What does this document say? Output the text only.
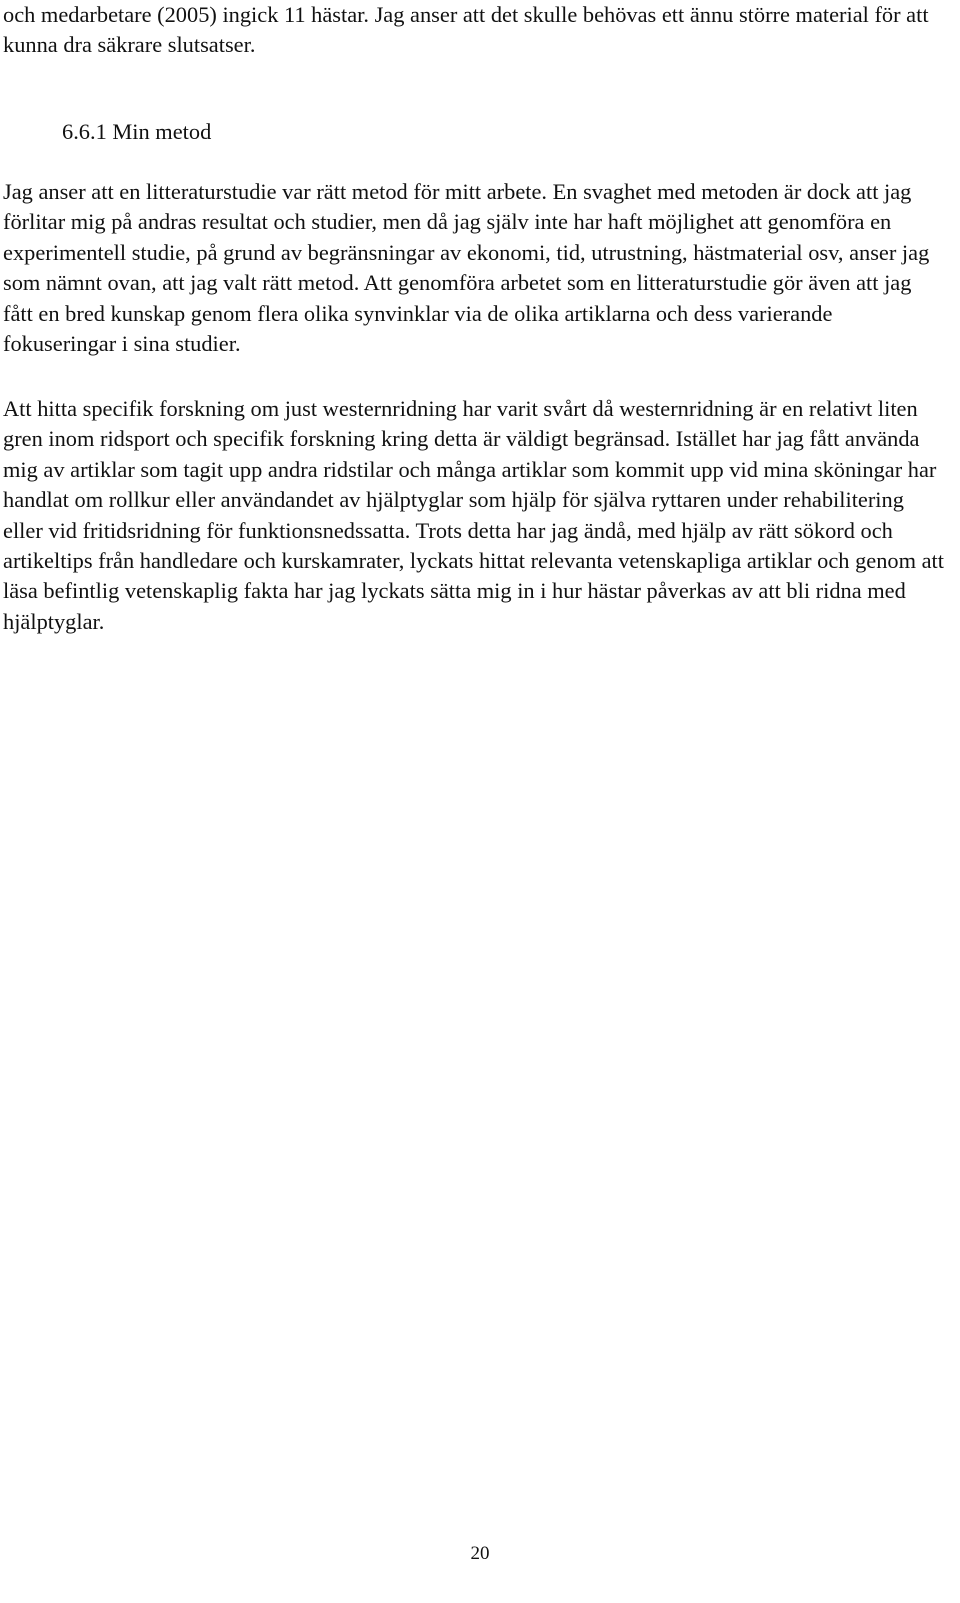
och medarbetare (2005) ingick 11 hästar. Jag anser att det skulle behövas ett ännu större material för att kunna dra säkrare slutsatser.

6.6.1 Min metod

Jag anser att en litteraturstudie var rätt metod för mitt arbete. En svaghet med metoden är dock att jag förlitar mig på andras resultat och studier, men då jag själv inte har haft möjlighet att genomföra en experimentell studie, på grund av begränsningar av ekonomi, tid, utrustning, hästmaterial osv, anser jag som nämnt ovan, att jag valt rätt metod. Att genomföra arbetet som en litteraturstudie gör även att jag fått en bred kunskap genom flera olika synvinklar via de olika artiklarna och dess varierande fokuseringar i sina studier.

Att hitta specifik forskning om just westernridning har varit svårt då westernridning är en relativt liten gren inom ridsport och specifik forskning kring detta är väldigt begränsad. Istället har jag fått använda mig av artiklar som tagit upp andra ridstilar och många artiklar som kommit upp vid mina sköningar har handlat om rollkur eller användandet av hjälptyglar som hjälp för själva ryttaren under rehabilitering eller vid fritidsridning för funktionsnedssatta. Trots detta har jag ändå, med hjälp av rätt sökord och artikeltips från handledare och kurskamrater, lyckats hittat relevanta vetenskapliga artiklar och genom att läsa befintlig vetenskaplig fakta har jag lyckats sätta mig in i hur hästar påverkas av att bli ridna med hjälptyglar.

20
